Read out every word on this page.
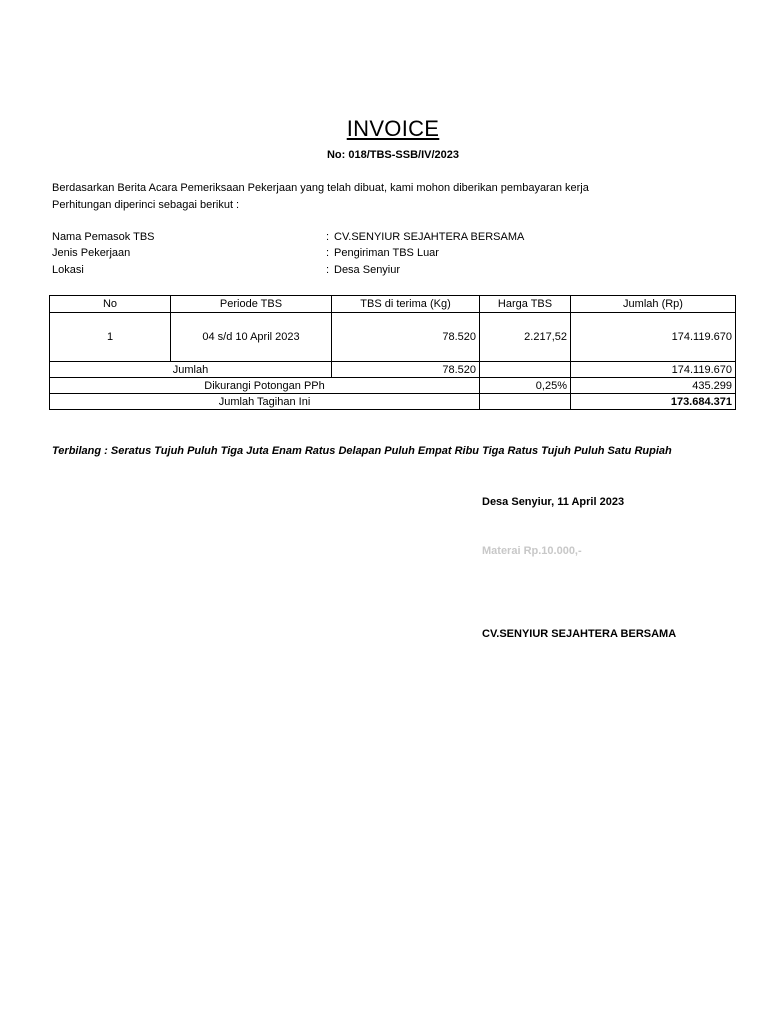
INVOICE
No: 018/TBS-SSB/IV/2023
Berdasarkan Berita Acara Pemeriksaan Pekerjaan yang telah dibuat, kami mohon diberikan pembayaran kerja
Perhitungan diperinci sebagai berikut :
Nama Pemasok TBS	: CV.SENYIUR SEJAHTERA BERSAMA
Jenis Pekerjaan	: Pengiriman TBS Luar
Lokasi	: Desa Senyiur
No	Periode TBS	TBS di terima (Kg)	Harga TBS	Jumlah (Rp)
1	04 s/d 10 April 2023	78.520	2.217,52	174.119.670
Jumlah		78.520		174.119.670
Dikurangi Potongan PPh			0,25%	435.299
Jumlah Tagihan Ini				173.684.371
Terbilang : Seratus Tujuh Puluh Tiga Juta Enam Ratus Delapan Puluh Empat Ribu Tiga Ratus Tujuh Puluh Satu Rupiah
Desa Senyiur, 11 April 2023
Materai Rp.10.000,-
CV.SENYIUR SEJAHTERA BERSAMA
